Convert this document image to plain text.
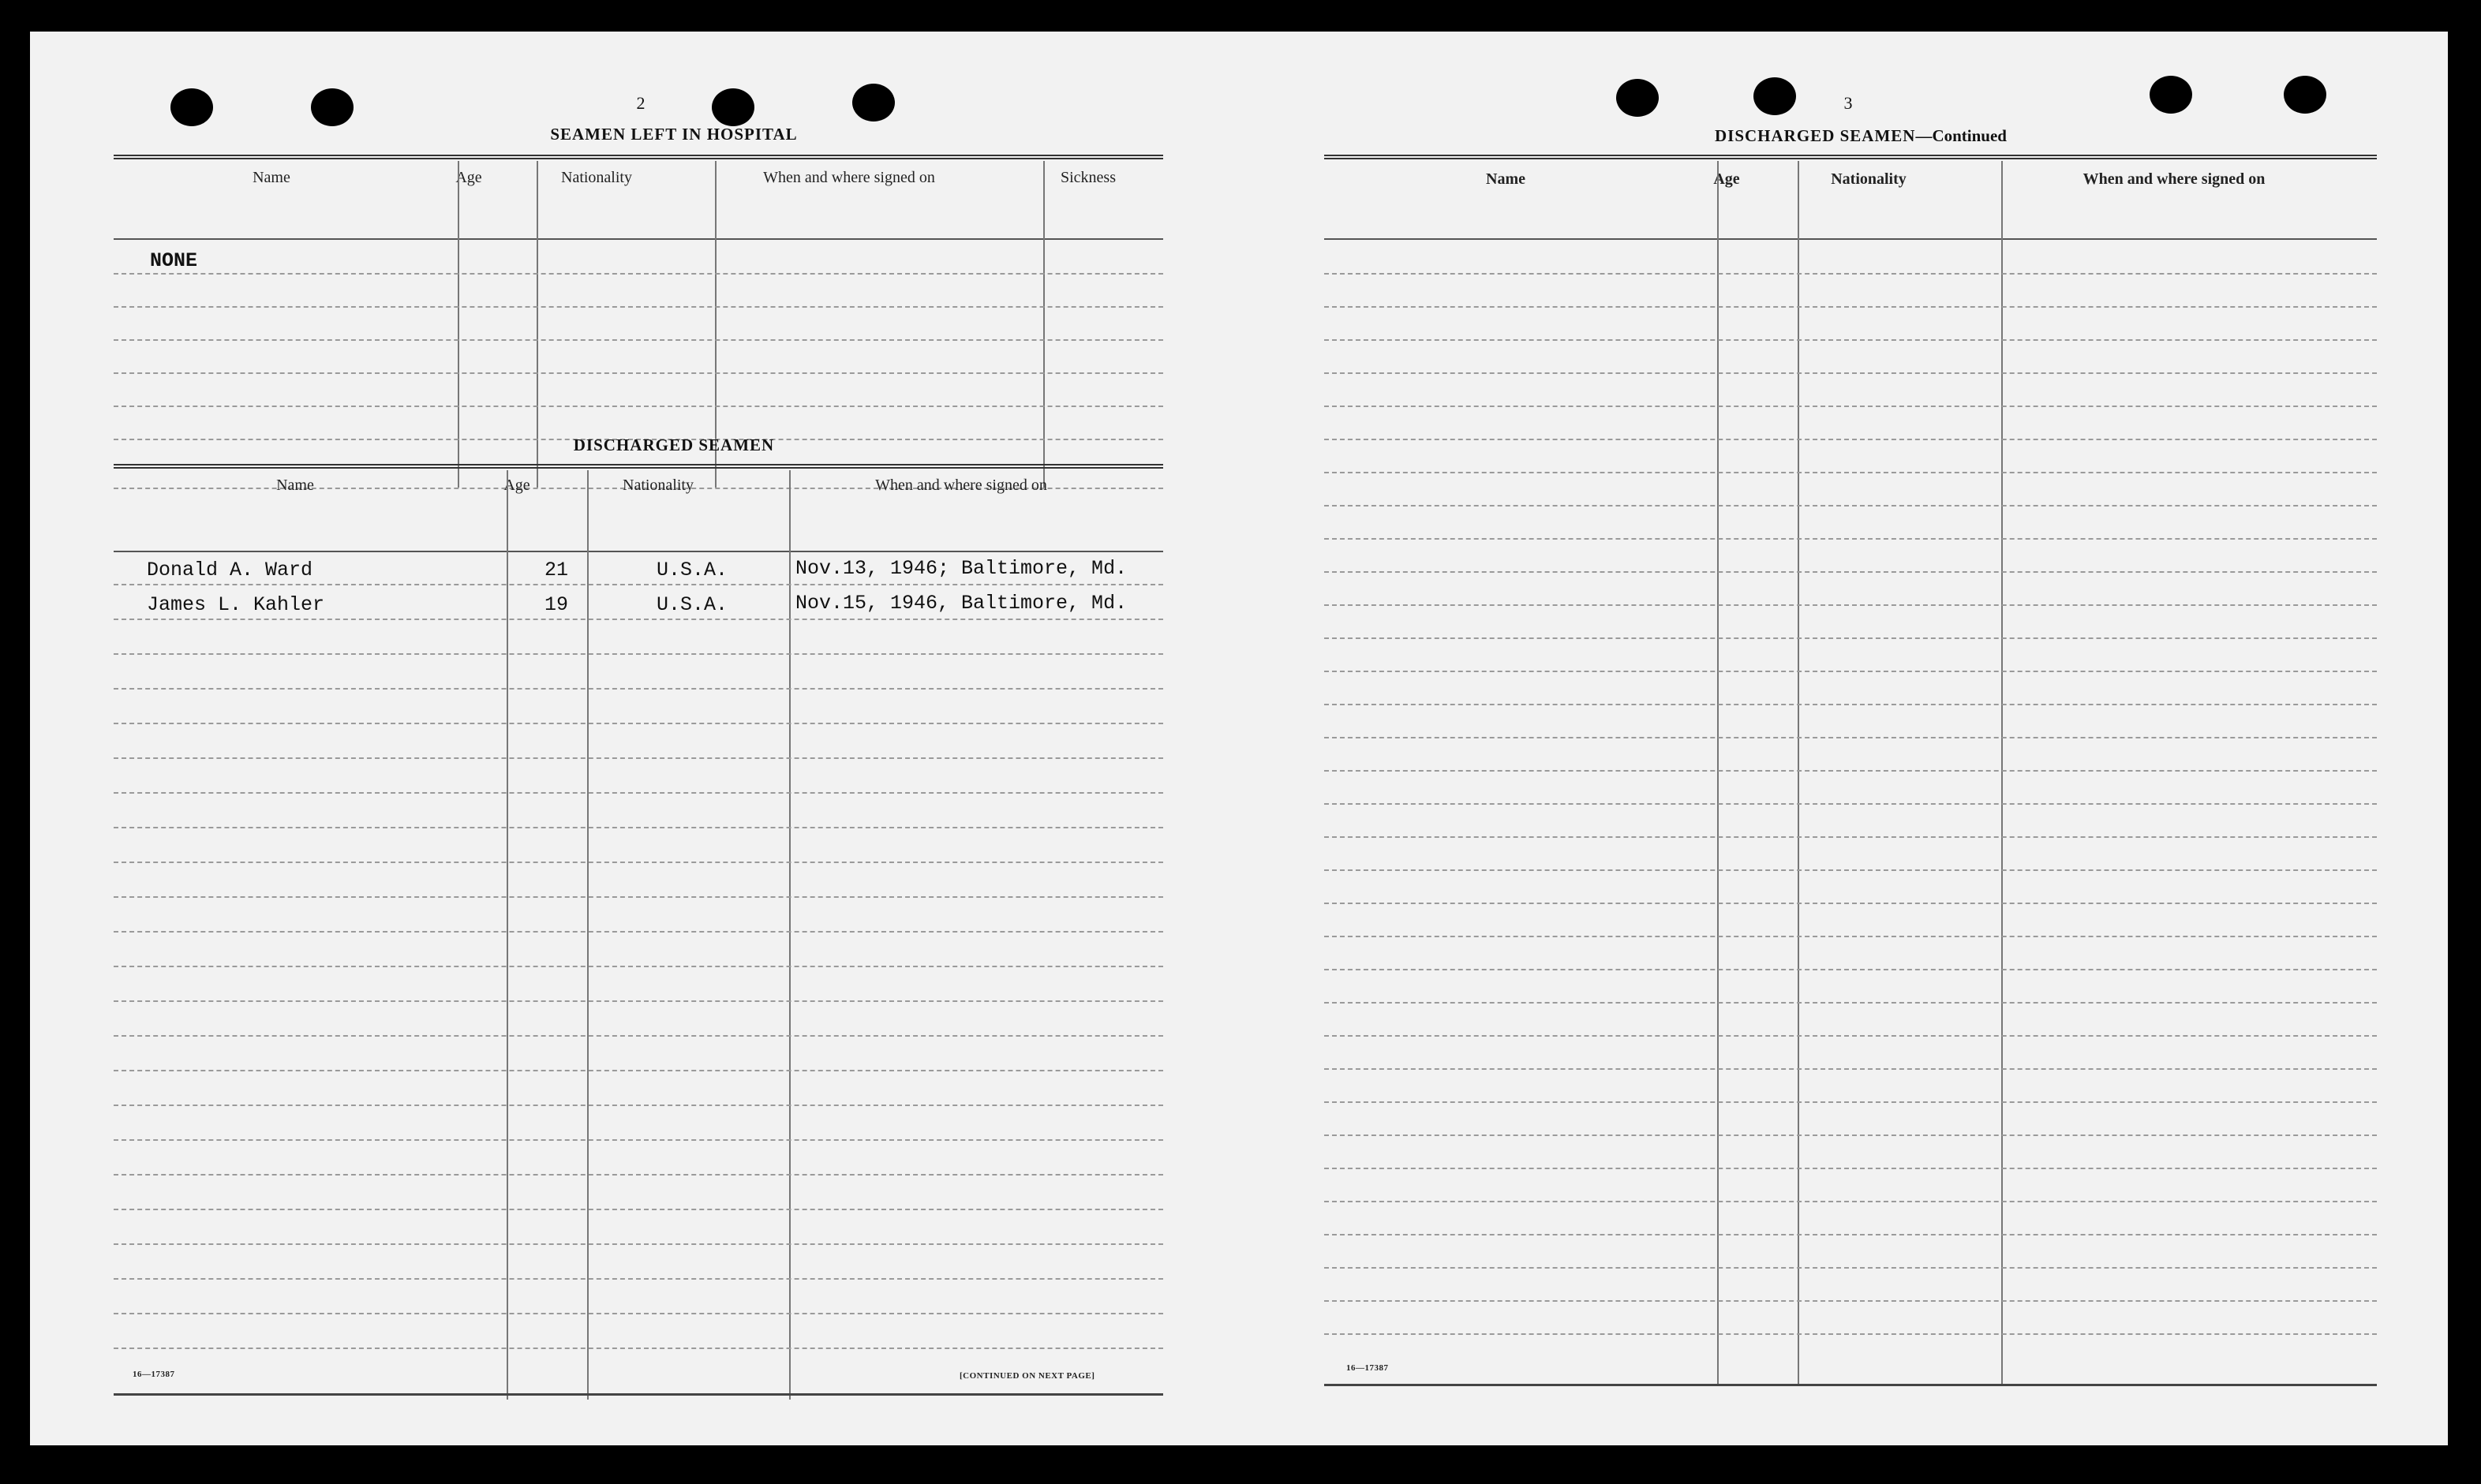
2
SEAMEN LEFT IN HOSPITAL
Name	Age	Nationality	When and where signed on	Sickness
NONE
DISCHARGED SEAMEN
Name	Age	Nationality	When and where signed on
Donald A. Ward	21	U.S.A.	Nov.13, 1946; Baltimore, Md.
James L. Kahler	19	U.S.A.	Nov.15, 1946, Baltimore, Md.
16—17387	[CONTINUED ON NEXT PAGE]
3
DISCHARGED SEAMEN—Continued
Name	Age	Nationality	When and where signed on
16—17387
